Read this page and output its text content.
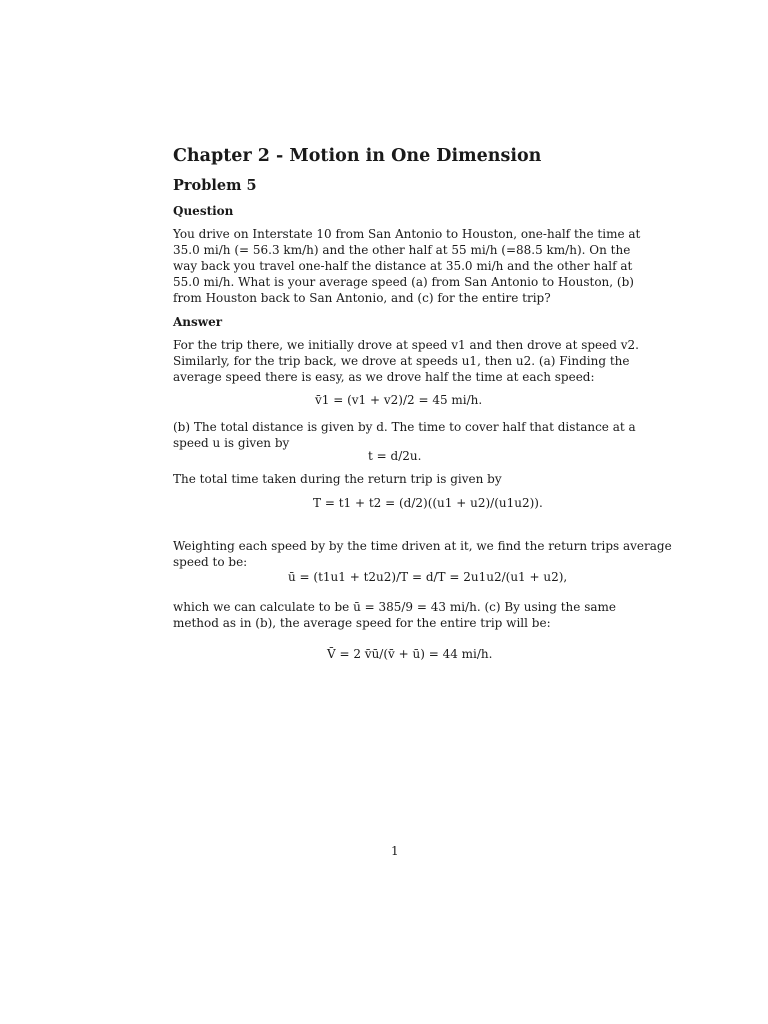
Chapter 2 - Motion in One Dimension
Problem 5
Question
You drive on Interstate 10 from San Antonio to Houston, one-half the time at
35.0 mi/h (= 56.3 km/h) and the other half at 55 mi/h (=88.5 km/h). On the
way back you travel one-half the distance at 35.0 mi/h and the other half at
55.0 mi/h. What is your average speed (a) from San Antonio to Houston, (b)
from Houston back to San Antonio, and (c) for the entire trip?
Answer
For the trip there, we initially drove at speed v1 and then drove at speed v2.
Similarly, for the trip back, we drove at speeds u1, then u2. (a) Finding the
average speed there is easy, as we drove half the time at each speed:
v̄1 = (v1 + v2)/2 = 45 mi/h.
(b) The total distance is given by d. The time to cover half that distance at a
speed u is given by
t = d/2u.
The total time taken during the return trip is given by
T = t1 + t2 = (d/2)((u1 + u2)/(u1u2)).
Weighting each speed by by the time driven at it, we find the return trips average
speed to be:
ū = (t1u1 + t2u2)/T = d/T = 2u1u2/(u1 + u2),
which we can calculate to be ū = 385/9 = 43 mi/h. (c) By using the same
method as in (b), the average speed for the entire trip will be:
V̄ = 2 v̄ū/(v̄ + ū) = 44 mi/h.
1
